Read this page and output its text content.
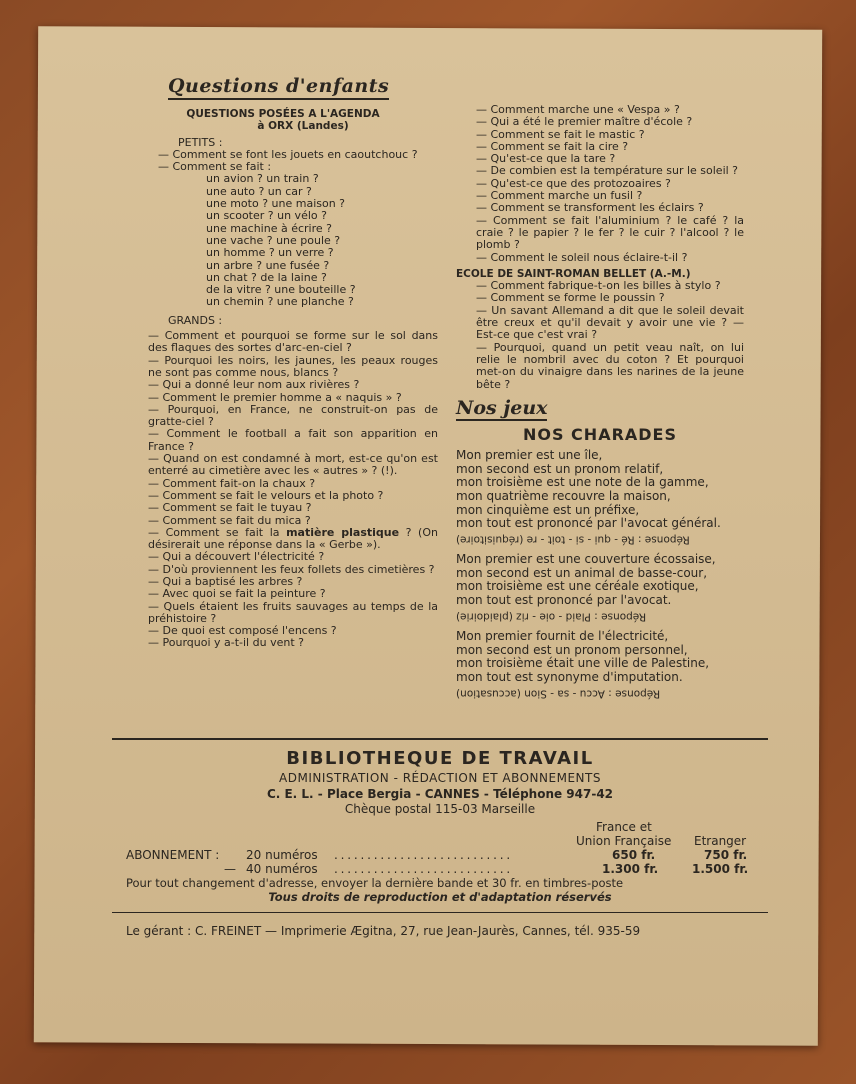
Questions d'enfants
QUESTIONS POSÉES A L'AGENDA
à ORX (Landes)
PETITS :
— Comment se font les jouets en caoutchouc ?
— Comment se fait :
un avion ? un train ?
une auto ? un car ?
une moto ? une maison ?
un scooter ? un vélo ?
une machine à écrire ?
une vache ? une poule ?
un homme ? un verre ?
un arbre ? une fusée ?
un chat ? de la laine ?
de la vitre ? une bouteille ?
un chemin ? une planche ?
GRANDS :
— Comment et pourquoi se forme sur le sol dans des flaques des sortes d'arc-en-ciel ?
— Pourquoi les noirs, les jaunes, les peaux rouges ne sont pas comme nous, blancs ?
— Qui a donné leur nom aux rivières ?
— Comment le premier homme a « naquis » ?
— Pourquoi, en France, ne construit-on pas de gratte-ciel ?
— Comment le football a fait son apparition en France ?
— Quand on est condamné à mort, est-ce qu'on est enterré au cimetière avec les « autres » ? (!).
— Comment fait-on la chaux ?
— Comment se fait le velours et la photo ?
— Comment se fait le tuyau ?
— Comment se fait du mica ?
— Comment se fait la matière plastique ? (On désirerait une réponse dans la « Gerbe »).
— Qui a découvert l'électricité ?
— D'où proviennent les feux follets des cimetières ?
— Qui a baptisé les arbres ?
— Avec quoi se fait la peinture ?
— Quels étaient les fruits sauvages au temps de la préhistoire ?
— De quoi est composé l'encens ?
— Pourquoi y a-t-il du vent ?
— Comment marche une « Vespa » ?
— Qui a été le premier maître d'école ?
— Comment se fait le mastic ?
— Comment se fait la cire ?
— Qu'est-ce que la tare ?
— De combien est la température sur le soleil ?
— Qu'est-ce que des protozoaires ?
— Comment marche un fusil ?
— Comment se transforment les éclairs ?
— Comment se fait l'aluminium ? le café ? la craie ? le papier ? le fer ? le cuir ? l'alcool ? le plomb ?
— Comment le soleil nous éclaire-t-il ?
ECOLE DE SAINT-ROMAN BELLET (A.-M.)
— Comment fabrique-t-on les billes à stylo ?
— Comment se forme le poussin ?
— Un savant Allemand a dit que le soleil devait être creux et qu'il devait y avoir une vie ? — Est-ce que c'est vrai ?
— Pourquoi, quand un petit veau naît, on lui relie le nombril avec du coton ? Et pourquoi met-on du vinaigre dans les narines de la jeune bête ?
Nos jeux
NOS CHARADES
Mon premier est une île,
mon second est un pronom relatif,
mon troisième est une note de la gamme,
mon quatrième recouvre la maison,
mon cinquième est un préfixe,
mon tout est prononcé par l'avocat général.
Réponse : Ré - qui - si - toit - re (réquisitoire)
Mon premier est une couverture écossaise,
mon second est un animal de basse-cour,
mon troisième est une céréale exotique,
mon tout est prononcé par l'avocat.
Réponse : Plaid - oie - riz (plaidoirie)
Mon premier fournit de l'électricité,
mon second est un pronom personnel,
mon troisième était une ville de Palestine,
mon tout est synonyme d'imputation.
Réponse : Accu - sa - Sion (accusation)
BIBLIOTHEQUE DE TRAVAIL
ADMINISTRATION - RÉDACTION ET ABONNEMENTS
C. E. L. - Place Bergia - CANNES - Téléphone 947-42
Chèque postal 115-03 Marseille
France et
Union Française Etranger
ABONNEMENT : 20 numéros . . . . . . . . . . . . . . . . . . . . . . . . . . .	650 fr.	750 fr.
— 40 numéros . . . . . . . . . . . . . . . . . . . . . . . . . . .	1.300 fr.	1.500 fr.
Pour tout changement d'adresse, envoyer la dernière bande et 30 fr. en timbres-poste
Tous droits de reproduction et d'adaptation réservés
Le gérant : C. FREINET — Imprimerie Ægitna, 27, rue Jean-Jaurès, Cannes, tél. 935-59
